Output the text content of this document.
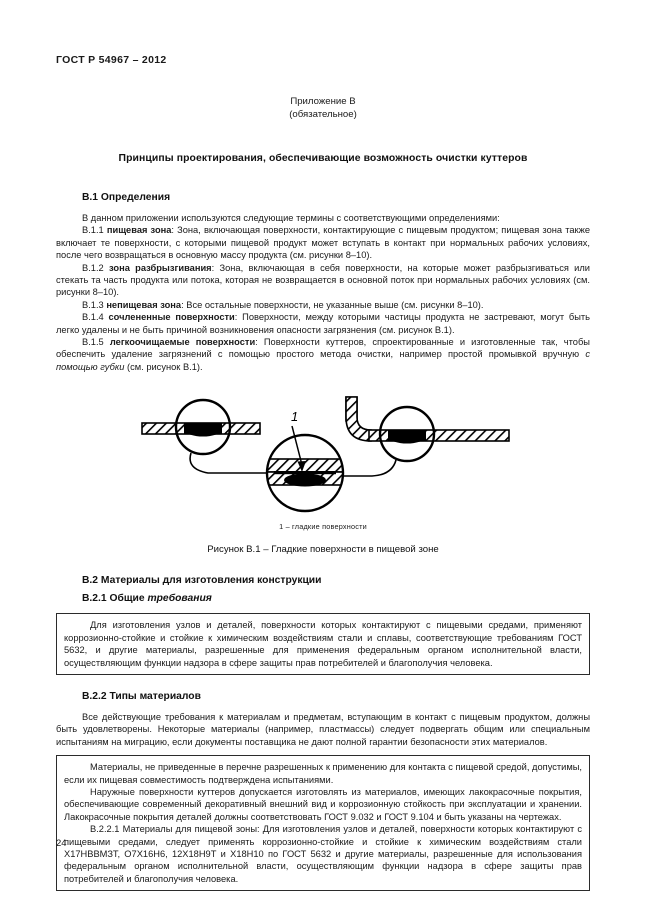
ГОСТ Р 54967 – 2012
Приложение В
(обязательное)
Принципы проектирования, обеспечивающие возможность очистки куттеров
В.1 Определения

В данном приложении используются следующие термины с соответствующими определениями:

В.1.1 пищевая зона: Зона, включающая поверхности, контактирующие с пищевым продуктом; пищевая зона также включает те поверхности, с которыми пищевой продукт может вступать в контакт при нормальных рабочих условиях, после чего возвращаться в основную массу продукта (см. рисунки 8–10).

В.1.2 зона разбрызгивания: Зона, включающая в себя поверхности, на которые может разбрызгиваться или стекать та часть продукта или потока, которая не возвращается в основной поток при нормальных рабочих условиях (см. рисунки 8–10).

В.1.3 непищевая зона: Все остальные поверхности, не указанные выше (см. рисунки 8–10).

В.1.4 сочлененные поверхности: Поверхности, между которыми частицы продукта не застревают, могут быть легко удалены и не быть причиной возникновения опасности загрязнения (см. рисунок В.1).

В.1.5 легкоочищаемые поверхности: Поверхности куттеров, спроектированные и изготовленные так, чтобы обеспечить удаление загрязнений с помощью простого метода очистки, например простой промывкой вручную с помощью губки (см. рисунок В.1).

1
1 – гладкие поверхности
Рисунок В.1 – Гладкие поверхности в пищевой зоне
В.2 Материалы для изготовления конструкции
В.2.1 Общие требования

Для изготовления узлов и деталей, поверхности которых контактируют с пищевыми средами, применяют коррозионно-стойкие и стойкие к химическим воздействиям стали и сплавы, соответствующие требованиям ГОСТ 5632, и другие материалы, разрешенные для применения федеральным органом исполнительной власти, осуществляющим функции надзора в сфере защиты прав потребителей и благополучия человека.

В.2.2 Типы материалов

Все действующие требования к материалам и предметам, вступающим в контакт с пищевым продуктом, должны быть удовлетворены. Некоторые материалы (например, пластмассы) следует подвергать общим или специальным испытаниям на миграцию, если документы поставщика не дают полной гарантии безопасности этих материалов.

Материалы, не приведенные в перечне разрешенных к применению для контакта с пищевой средой, допустимы, если их пищевая совместимость подтверждена испытаниями.

Наружные поверхности куттеров допускается изготовлять из материалов, имеющих лакокрасочные покрытия, обеспечивающие современный декоративный внешний вид и коррозионную стойкость при эксплуатации и хранении. Лакокрасочные покрытия деталей должны соответствовать ГОСТ 9.032 и ГОСТ 9.104 и быть указаны на чертежах.

В.2.2.1 Материалы для пищевой зоны: Для изготовления узлов и деталей, поверхности которых контактируют с пищевыми средами, следует применять коррозионно-стойкие и стойкие к химическим воздействиям стали Х17НВВМЗТ, О7Х16Н6, 12Х18Н9Т и Х18Н10 по ГОСТ 5632 и другие материалы, разрешенные для использования федеральным органом исполнительной власти, осуществляющим функции надзора в сфере защиты прав потребителей и благополучия человека.

24
